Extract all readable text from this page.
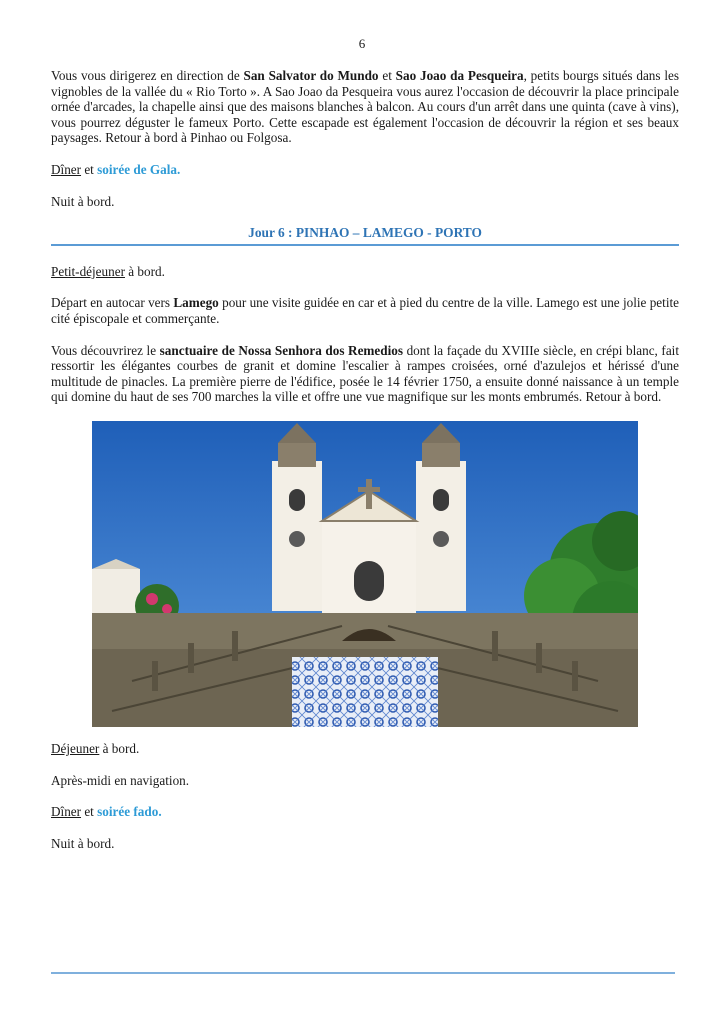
6

Vous vous dirigerez en direction de San Salvator do Mundo et Sao Joao da Pesqueira, petits bourgs situés dans les vignobles de la vallée du « Rio Torto ». A Sao Joao da Pesqueira vous aurez l'occasion de découvrir la place principale ornée d'arcades, la chapelle ainsi que des maisons blanches à balcon. Au cours d'un arrêt dans une quinta (cave à vins), vous pourrez déguster le fameux Porto. Cette escapade est également l'occasion de découvrir la région et ses beaux paysages. Retour à bord à Pinhao ou Folgosa.

Dîner et soirée de Gala.

Nuit à bord.

Jour 6 : PINHAO – LAMEGO - PORTO

Petit-déjeuner à bord.

Départ en autocar vers Lamego pour une visite guidée en car et à pied du centre de la ville. Lamego est une jolie petite cité épiscopale et commerçante.

Vous découvrirez le sanctuaire de Nossa Senhora dos Remedios dont la façade du XVIIIe siècle, en crépi blanc, fait ressortir les élégantes courbes de granit et domine l'escalier à rampes croisées, orné d'azulejos et hérissé d'une multitude de pinacles. La première pierre de l'édifice, posée le 14 février 1750, a ensuite donné naissance à un temple qui domine du haut de ses 700 marches la ville et offre une vue magnifique sur les monts embrumés. Retour à bord.

Déjeuner à bord.

Après-midi en navigation.

Dîner et soirée fado.

Nuit à bord.
